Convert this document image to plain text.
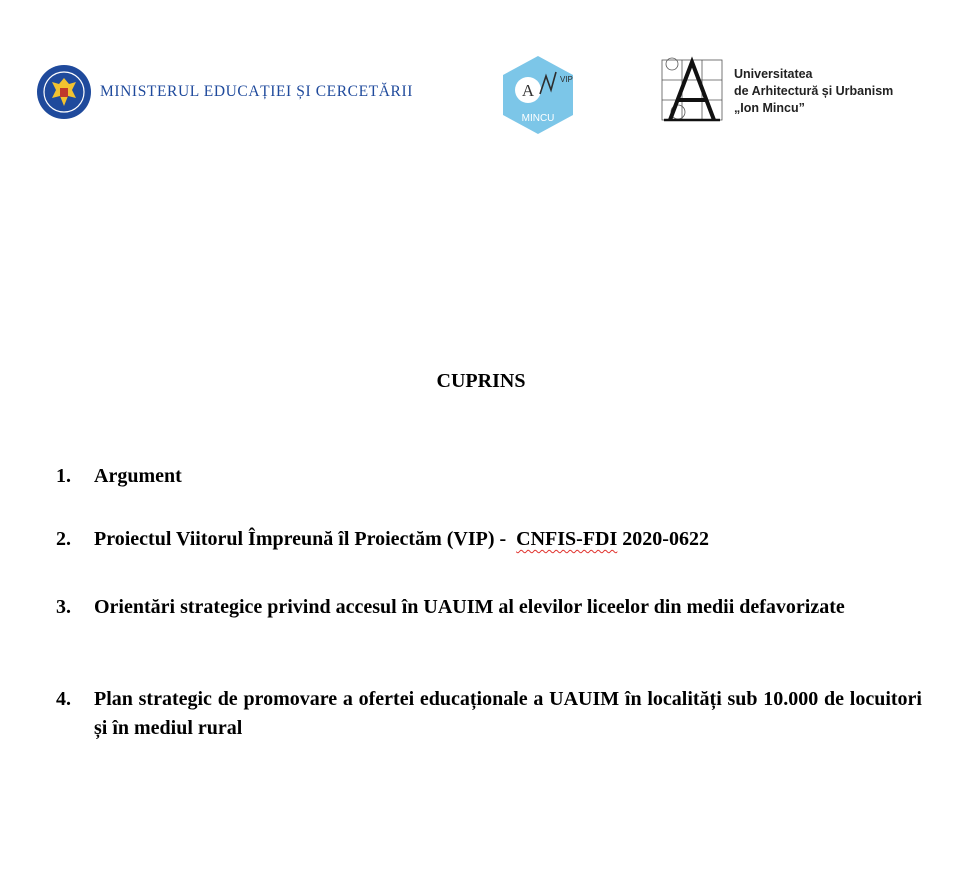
MINISTERUL EDUCAȚIEI ȘI CERCETĂRII	A
VIP
MINCU
Universitatea
de Arhitectură și Urbanism
„Ion Mincu”
CUPRINS
1.	Argument
2.	Proiectul Viitorul Împreună îl Proiectăm (VIP) -  CNFIS-FDI 2020-0622
3.	Orientări strategice privind accesul în UAUIM al elevilor liceelor din medii defavorizate
4.	Plan strategic de promovare a ofertei educaționale a UAUIM în localități sub 10.000 de locuitori și în mediul rural
